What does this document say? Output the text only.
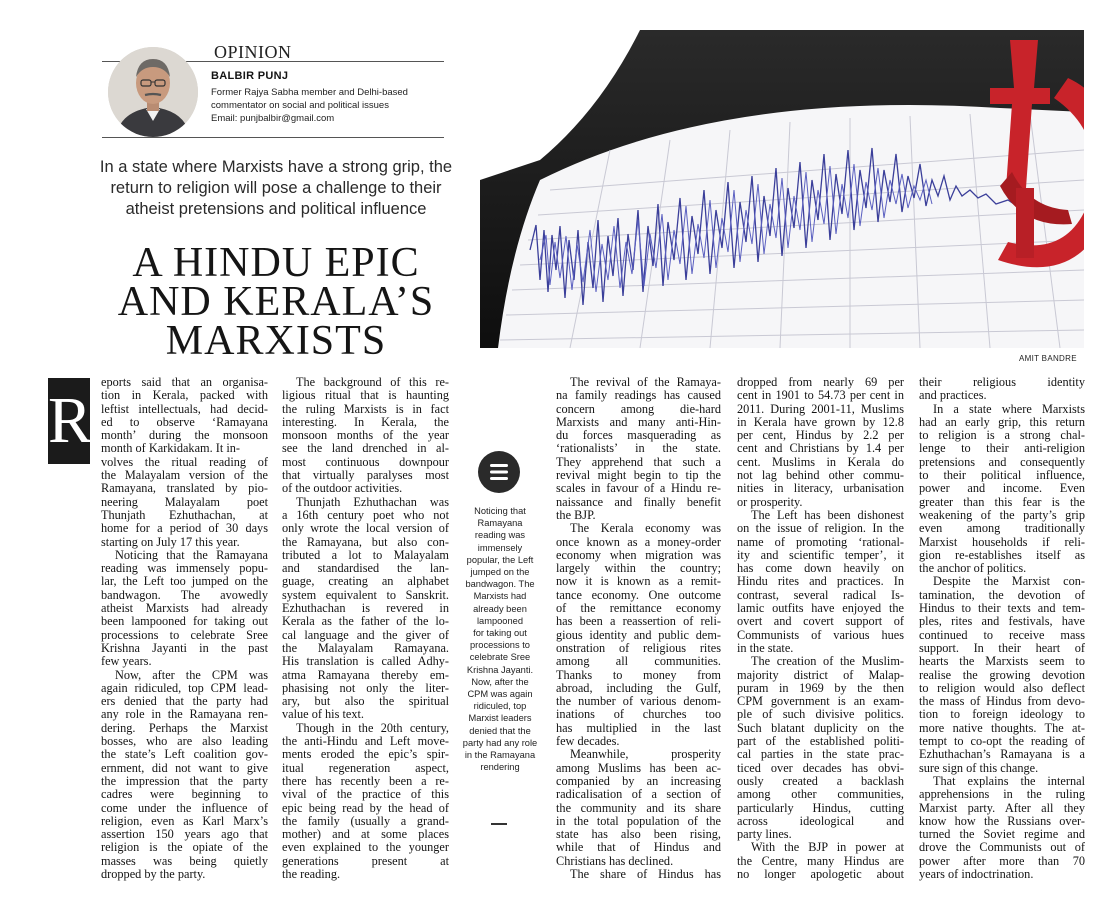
OPINION
BALBIR PUNJ
Former Rajya Sabha member and Delhi-based
commentator on social and political issues
Email: punjbalbir@gmail.com
In a state where Marxists have a strong grip, the
return to religion will pose a challenge to their
atheist pretensions and political influence
A HINDU EPIC
AND KERALA’S
MARXISTS	AMIT BANDRE
R
eports said that an organisa-
tion in Kerala, packed with
leftist intellectuals, had decid-
ed to observe ‘Ramayana
month’ during the monsoon
month of Karkidakam. It in-
volves the ritual reading of
the Malayalam version of the
Ramayana, translated by pio-
neering Malayalam poet
Thunjath Ezhuthachan, at
home for a period of 30 days
starting on July 17 this year.
Noticing that the Ramayana
reading was immensely popu-
lar, the Left too jumped on the
bandwagon. The avowedly
atheist Marxists had already
been lampooned for taking out
processions to celebrate Sree
Krishna Jayanti in the past
few years.
Now, after the CPM was
again ridiculed, top CPM lead-
ers denied that the party had
any role in the Ramayana ren-
dering. Perhaps the Marxist
bosses, who are also leading
the state’s Left coalition gov-
ernment, did not want to give
the impression that the party
cadres were beginning to
come under the influence of
religion, even as Karl Marx’s
assertion 150 years ago that
religion is the opiate of the
masses was being quietly
dropped by the party.
The background of this re-
ligious ritual that is haunting
the ruling Marxists is in fact
interesting. In Kerala, the
monsoon months of the year
see the land drenched in al-
most continuous downpour
that virtually paralyses most
of the outdoor activities.
Thunjath Ezhuthachan was
a 16th century poet who not
only wrote the local version of
the Ramayana, but also con-
tributed a lot to Malayalam
and standardised the lan-
guage, creating an alphabet
system equivalent to Sanskrit.
Ezhuthachan is revered in
Kerala as the father of the lo-
cal language and the giver of
the Malayalam Ramayana.
His translation is called Adhy-
atma Ramayana thereby em-
phasising not only the liter-
ary, but also the spiritual
value of his text.
Though in the 20th century,
the anti-Hindu and Left move-
ments eroded the epic’s spir-
itual regeneration aspect,
there has recently been a re-
vival of the practice of this
epic being read by the head of
the family (usually a grand-
mother) and at some places
even explained to the younger
generations present at
the reading.
The revival of the Ramaya-
na family readings has caused
concern among die-hard
Marxists and many anti-Hin-
du forces masquerading as
‘rationalists’ in the state.
They apprehend that such a
revival might begin to tip the
scales in favour of a Hindu re-
naissance and finally benefit
the BJP.
The Kerala economy was
once known as a money-order
economy when migration was
largely within the country;
now it is known as a remit-
tance economy. One outcome
of the remittance economy
has been a reassertion of reli-
gious identity and public dem-
onstration of religious rites
among all communities.
Thanks to money from
abroad, including the Gulf,
the number of various denom-
inations of churches too
has multiplied in the last
few decades.
Meanwhile, prosperity
among Muslims has been ac-
companied by an increasing
radicalisation of a section of
the community and its share
in the total population of the
state has also been rising,
while that of Hindus and
Christians has declined.
The share of Hindus has
dropped from nearly 69 per
cent in 1901 to 54.73 per cent in
2011. During 2001-11, Muslims
in Kerala have grown by 12.8
per cent, Hindus by 2.2 per
cent and Christians by 1.4 per
cent. Muslims in Kerala do
not lag behind other commu-
nities in literacy, urbanisation
or prosperity.
The Left has been dishonest
on the issue of religion. In the
name of promoting ‘rational-
ity and scientific temper’, it
has come down heavily on
Hindu rites and practices. In
contrast, several radical Is-
lamic outfits have enjoyed the
overt and covert support of
Communists of various hues
in the state.
The creation of the Muslim-
majority district of Malap-
puram in 1969 by the then
CPM government is an exam-
ple of such divisive politics.
Such blatant duplicity on the
part of the established politi-
cal parties in the state prac-
ticed over decades has obvi-
ously created a backlash
among other communities,
particularly Hindus, cutting
across ideological and
party lines.
With the BJP in power at
the Centre, many Hindus are
no longer apologetic about
their religious identity
and practices.
In a state where Marxists
had an early grip, this return
to religion is a strong chal-
lenge to their anti-religion
pretensions and consequently
to their political influence,
power and income. Even
greater than this fear is the
weakening of the party’s grip
even among traditionally
Marxist households if reli-
gion re-establishes itself as
the anchor of politics.
Despite the Marxist con-
tamination, the devotion of
Hindus to their texts and tem-
ples, rites and festivals, have
continued to receive mass
support. In their heart of
hearts the Marxists seem to
realise the growing devotion
to religion would also deflect
the mass of Hindus from devo-
tion to foreign ideology to
more native thoughts. The at-
tempt to co-opt the reading of
Ezhuthachan’s Ramayana is a
sure sign of this change.
That explains the internal
apprehensions in the ruling
Marxist party. After all they
know how the Russians over-
turned the Soviet regime and
drove the Communists out of
power after more than 70
years of indoctrination.
Noticing that
Ramayana
reading was
immensely
popular, the Left
jumped on the
bandwagon. The
Marxists had
already been
lampooned
for taking out
processions to
celebrate Sree
Krishna Jayanti.
Now, after the
CPM was again
ridiculed, top
Marxist leaders
denied that the
party had any role
in the Ramayana
rendering
